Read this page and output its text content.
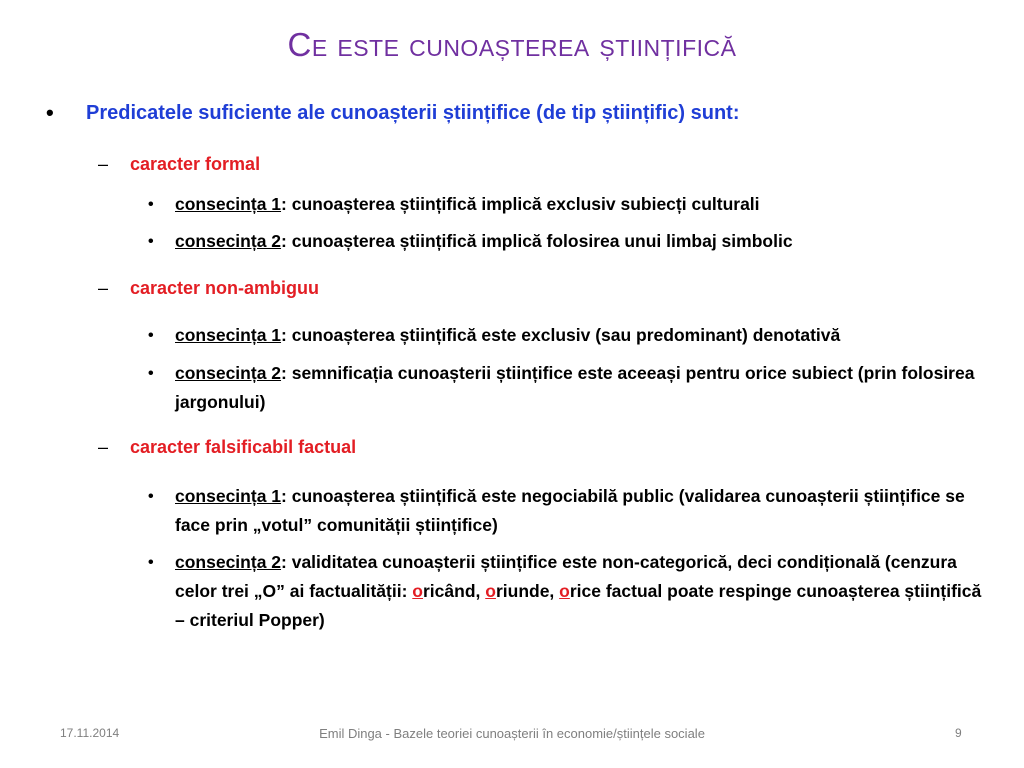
Ce este cunoașterea științifică
• Predicatele suficiente ale cunoașterii științifice (de tip științific) sunt:
– caracter formal
• consecința 1: cunoașterea științifică implică exclusiv subiecți culturali
• consecința 2: cunoașterea științifică implică folosirea unui limbaj simbolic
– caracter non-ambiguu
• consecința 1: cunoașterea științifică este exclusiv (sau predominant) denotativă
• consecința 2: semnificația cunoașterii științifice este aceeași pentru orice subiect (prin folosirea jargonului)
– caracter falsificabil factual
• consecința 1: cunoașterea științifică este negociabilă public (validarea cunoașterii științifice se face prin „votul” comunității științifice)
• consecința 2: validitatea cunoașterii științifice este non-categorică, deci condițională (cenzura celor trei „O” ai factualității: oricând, oriunde, orice factual poate respinge cunoașterea științifică – criteriul Popper)
17.11.2014	Emil Dinga - Bazele teoriei cunoașterii în economie/științele sociale	9
